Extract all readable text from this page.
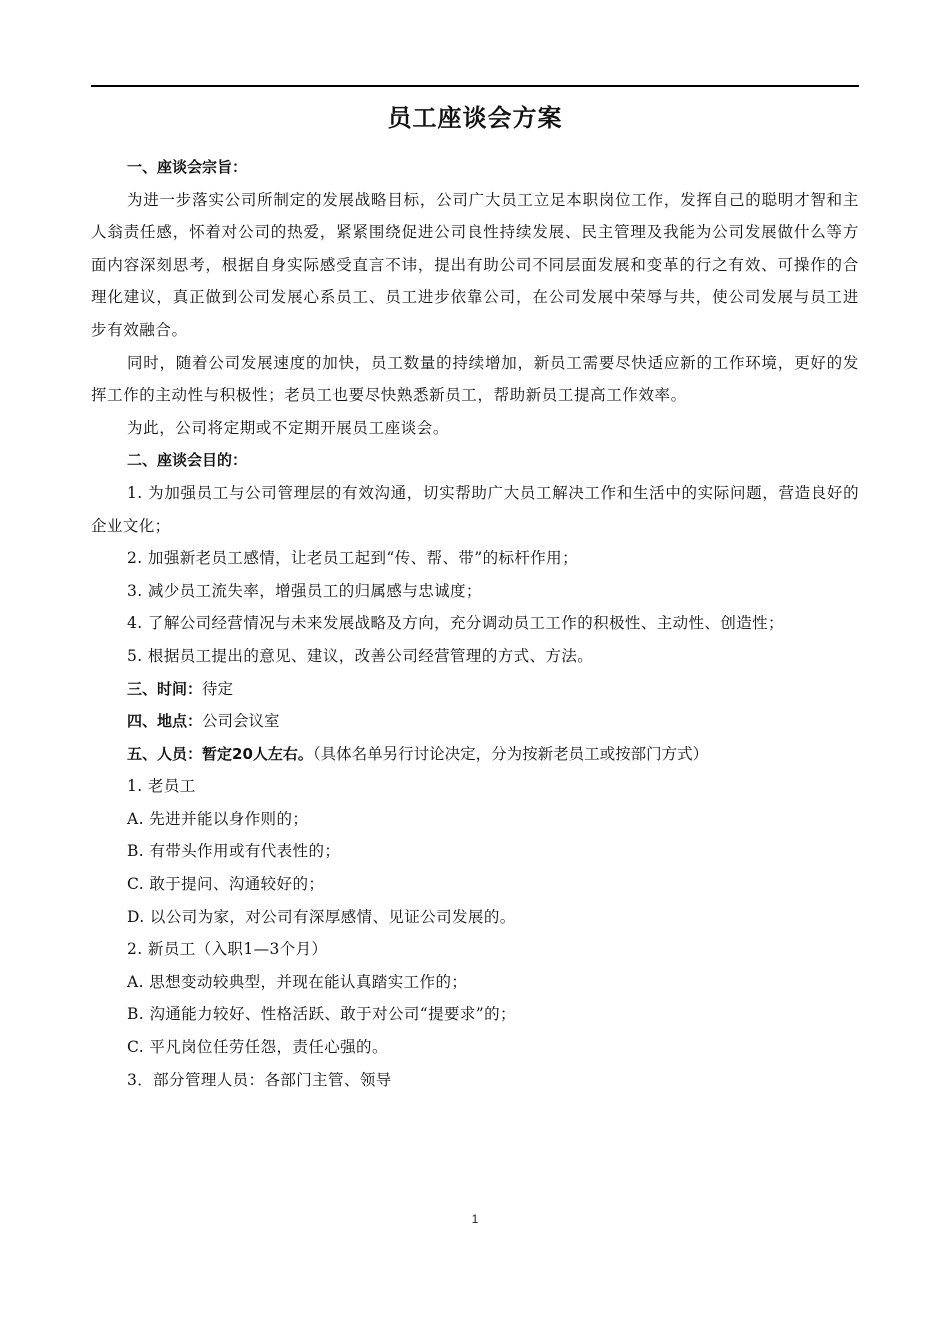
员工座谈会方案

一、座谈会宗旨：

为进一步落实公司所制定的发展战略目标，公司广大员工立足本职岗位工作，发挥自己的聪明才智和主人翁责任感，怀着对公司的热爱，紧紧围绕促进公司良性持续发展、民主管理及我能为公司发展做什么等方面内容深刻思考，根据自身实际感受直言不讳，提出有助公司不同层面发展和变革的行之有效、可操作的合理化建议，真正做到公司发展心系员工、员工进步依靠公司，在公司发展中荣辱与共，使公司发展与员工进步有效融合。

同时，随着公司发展速度的加快，员工数量的持续增加，新员工需要尽快适应新的工作环境，更好的发挥工作的主动性与积极性；老员工也要尽快熟悉新员工，帮助新员工提高工作效率。

为此，公司将定期或不定期开展员工座谈会。

二、座谈会目的：

1. 为加强员工与公司管理层的有效沟通，切实帮助广大员工解决工作和生活中的实际问题，营造良好的企业文化；

2. 加强新老员工感情，让老员工起到“传、帮、带”的标杆作用；

3. 减少员工流失率，增强员工的归属感与忠诚度；

4. 了解公司经营情况与未来发展战略及方向，充分调动员工工作的积极性、主动性、创造性；

5. 根据员工提出的意见、建议，改善公司经营管理的方式、方法。

三、时间：待定

四、地点：公司会议室

五、人员：暂定20人左右。（具体名单另行讨论决定，分为按新老员工或按部门方式）

1. 老员工

A. 先进并能以身作则的；

B. 有带头作用或有代表性的；

C. 敢于提问、沟通较好的；

D. 以公司为家，对公司有深厚感情、见证公司发展的。

2. 新员工（入职1—3个月）

A. 思想变动较典型，并现在能认真踏实工作的；

B. 沟通能力较好、性格活跃、敢于对公司“提要求”的；

C. 平凡岗位任劳任怨，责任心强的。

3．部分管理人员：各部门主管、领导

1
